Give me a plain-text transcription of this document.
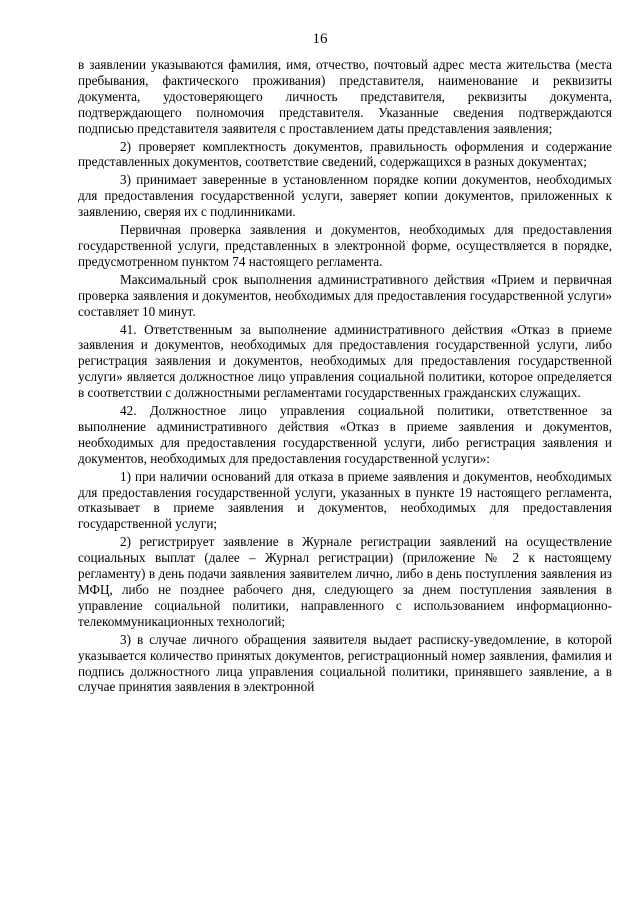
16

в заявлении указываются фамилия, имя, отчество, почтовый адрес места жительства (места пребывания, фактического проживания) представителя, наименование и реквизиты документа, удостоверяющего личность представителя, реквизиты документа, подтверждающего полномочия представителя. Указанные сведения подтверждаются подписью представителя заявителя с проставлением даты представления заявления;

2) проверяет комплектность документов, правильность оформления и содержание представленных документов, соответствие сведений, содержащихся в разных документах;

3) принимает заверенные в установленном порядке копии документов, необходимых для предоставления государственной услуги, заверяет копии документов, приложенных к заявлению, сверяя их с подлинниками.

Первичная проверка заявления и документов, необходимых для предоставления государственной услуги, представленных в электронной форме, осуществляется в порядке, предусмотренном пунктом 74 настоящего регламента.

Максимальный срок выполнения административного действия «Прием и первичная проверка заявления и документов, необходимых для предоставления государственной услуги» составляет 10 минут.

41. Ответственным за выполнение административного действия «Отказ в приеме заявления и документов, необходимых для предоставления государственной услуги, либо регистрация заявления и документов, необходимых для предоставления государственной услуги» является должностное лицо управления социальной политики, которое определяется в соответствии с должностными регламентами государственных гражданских служащих.

42. Должностное лицо управления социальной политики, ответственное за выполнение административного действия «Отказ в приеме заявления и документов, необходимых для предоставления государственной услуги, либо регистрация заявления и документов, необходимых для предоставления государственной услуги»:

1) при наличии оснований для отказа в приеме заявления и документов, необходимых для предоставления государственной услуги, указанных в пункте 19 настоящего регламента, отказывает в приеме заявления и документов, необходимых для предоставления государственной услуги;

2) регистрирует заявление в Журнале регистрации заявлений на осуществление социальных выплат (далее – Журнал регистрации) (приложение № 2 к настоящему регламенту) в день подачи заявления заявителем лично, либо в день поступления заявления из МФЦ, либо не позднее рабочего дня, следующего за днем поступления заявления в управление социальной политики, направленного с использованием информационно-телекоммуникационных технологий;

3) в случае личного обращения заявителя выдает расписку-уведомление, в которой указывается количество принятых документов, регистрационный номер заявления, фамилия и подпись должностного лица управления социальной политики, принявшего заявление, а в случае принятия заявления в электронной
